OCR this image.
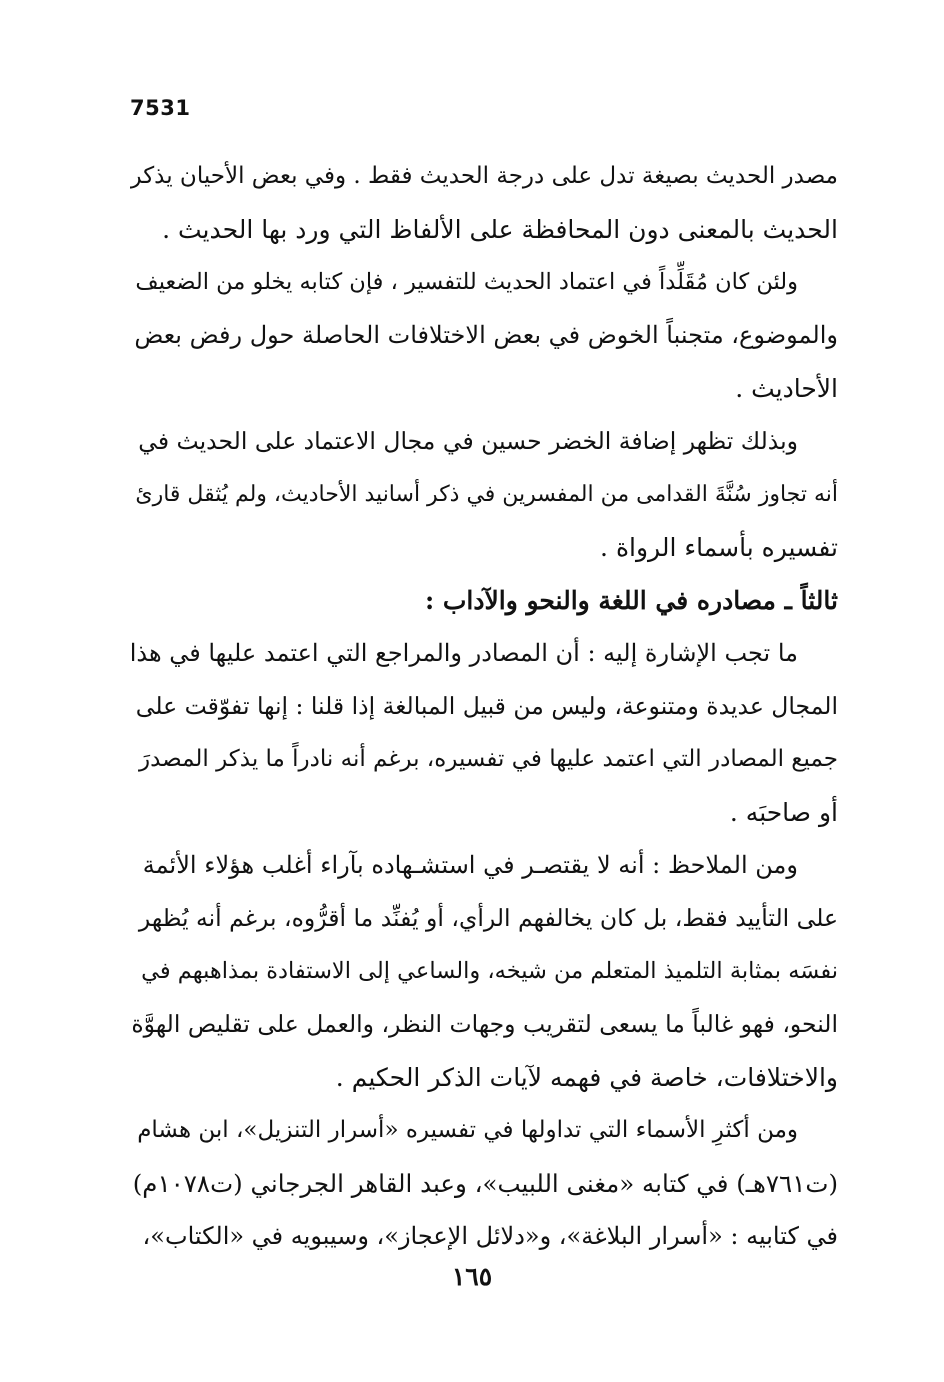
7531
مصدر الحديث بصيغة تدل على درجة الحديث فقط . وفي بعض الأحيان يذكر
الحديث بالمعنى دون المحافظة على الألفاظ التي ورد بها الحديث .
ولئن كان مُقَلِّداً في اعتماد الحديث للتفسير ، فإن كتابه يخلو من الضعيف
والموضوع، متجنباً الخوض في بعض الاختلافات الحاصلة حول رفض بعض
الأحاديث .
وبذلك تظهر إضافة الخضر حسين في مجال الاعتماد على الحديث في
أنه تجاوز سُنَّةَ القدامى من المفسرين في ذكر أسانيد الأحاديث، ولم يُثقل قارئ
تفسيره بأسماء الرواة .
ثالثاً ـ مصادره في اللغة والنحو والآداب :
ما تجب الإشارة إليه : أن المصادر والمراجع التي اعتمد عليها في هذا
المجال عديدة ومتنوعة، وليس من قبيل المبالغة إذا قلنا : إنها تفوّقت على
جميع المصادر التي اعتمد عليها في تفسيره، برغم أنه نادراً ما يذكر المصدرَ
أو صاحبَه .
ومن الملاحظ : أنه لا يقتصـر في استشـهاده بآراء أغلب هؤلاء الأئمة
على التأييد فقط، بل كان يخالفهم الرأي، أو يُفنِّد ما أقرُّوه، برغم أنه يُظهر
نفسَه بمثابة التلميذ المتعلم من شيخه، والساعي إلى الاستفادة بمذاهبهم في
النحو، فهو غالباً ما يسعى لتقريب وجهات النظر، والعمل على تقليص الهوَّة
والاختلافات، خاصة في فهمه لآيات الذكر الحكيم .
ومن أكثرِ الأسماء التي تداولها في تفسيره «أسرار التنزيل»، ابن هشام
(ت٧٦١هـ) في كتابه «مغنى اللبيب»، وعبد القاهر الجرجاني (ت١٠٧٨م)
في كتابيه : «أسرار البلاغة»، و«دلائل الإعجاز»، وسيبويه في «الكتاب»،
١٦٥
